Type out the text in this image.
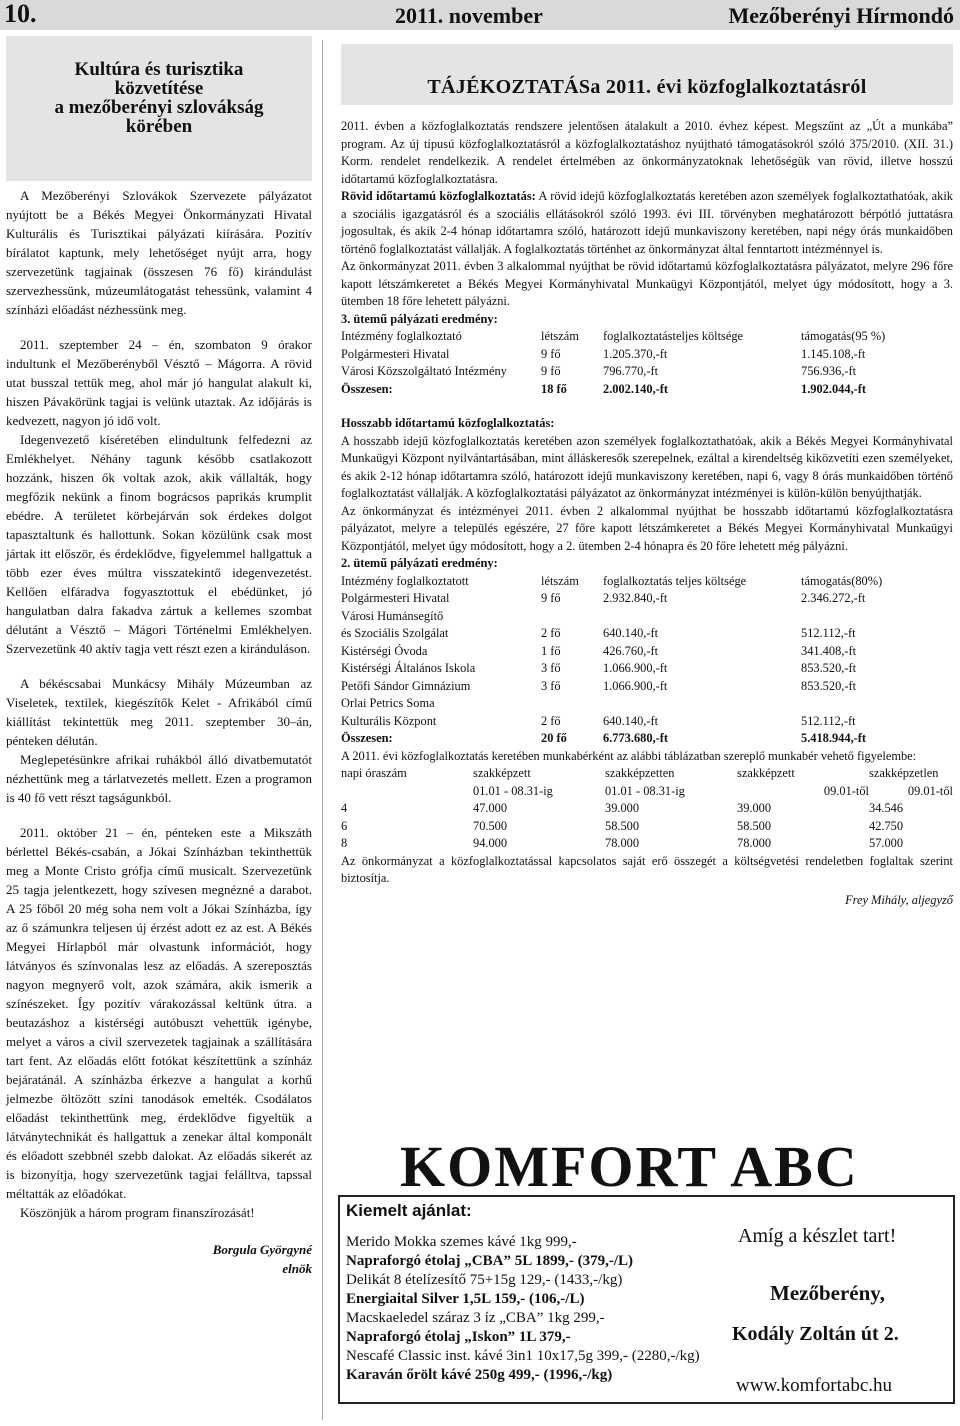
10.	2011. november	Mezőberényi Hírmondó
Kultúra és turisztika
közvetítése
a mezőberényi szlovákság
körében

A Mezőberényi Szlovákok Szervezete pályázatot nyújtott be a Békés Megyei Önkormányzati Hivatal Kulturális és Turisztikai pályázati kiírására. Pozitív bírálatot kaptunk, mely lehetőséget nyújt arra, hogy szervezetünk tagjainak (összesen 76 fő) kirándulást szervezhessünk, múzeumlátogatást tehessünk, valamint 4 színházi előadást nézhessünk meg.

2011. szeptember 24 – én, szombaton 9 órakor indultunk el Mezőberényből Vésztő – Mágorra. A rövid utat busszal tettük meg, ahol már jó hangulat alakult ki, hiszen Pávakörünk tagjai is velünk utaztak. Az időjárás is kedvezett, nagyon jó idő volt.

Idegenvezető kíséretében elindultunk felfedezni az Emlékhelyet. Néhány tagunk később csatlakozott hozzánk, hiszen ők voltak azok, akik vállalták, hogy megfőzik nekünk a finom bográcsos paprikás krumplit ebédre. A területet körbejárván sok érdekes dolgot tapasztaltunk és hallottunk. Sokan közülünk csak most jártak itt először, és érdeklődve, figyelemmel hallgattuk a több ezer éves múltra visszatekintő idegenvezetést. Kellően elfáradva fogyasztottuk el ebédünket, jó hangulatban dalra fakadva zártuk a kellemes szombat délutánt a Vésztő – Mágori Történelmi Emlékhelyen. Szervezetünk 40 aktív tagja vett részt ezen a kiránduláson.

A békéscsabai Munkácsy Mihály Múzeumban az Viseletek, textilek, kiegészítők Kelet - Afrikából című kiállítást tekintettük meg 2011. szeptember 30–án, pénteken délután.

Meglepetésünkre afrikai ruhákból álló divatbemutatót nézhettünk meg a tárlatvezetés mellett. Ezen a programon is 40 fő vett részt tagságunkból.

2011. október 21 – én, pénteken este a Mikszáth bérlettel Békés-csabán, a Jókai Színházban tekinthettük meg a Monte Cristo grófja című musicalt. Szervezetünk 25 tagja jelentkezett, hogy szívesen megnézné a darabot. A 25 főből 20 még soha nem volt a Jókai Színházba, így az ő számunkra teljesen új érzést adott ez az est. A Békés Megyei Hírlapból már olvastunk információt, hogy látványos és színvonalas lesz az előadás. A szereposztás nagyon megnyerő volt, azok számára, akik ismerik a színészeket. Így pozitív várakozással keltünk útra. a beutazáshoz a kistérségi autóbuszt vehettük igénybe, melyet a város a civil szervezetek tagjainak a szállítására tart fent. Az előadás előtt fotókat készítettünk a színház bejáratánál. A színházba érkezve a hangulat a korhű jelmezbe öltözött színi tanodások emelték. Csodálatos előadást tekinthettünk meg, érdeklődve figyeltük a látványtechnikát és hallgattuk a zenekar által komponált és előadott szebbnél szebb dalokat. Az előadás sikerét az is bizonyítja, hogy szervezetünk tagjai felálltva, tapssal méltatták az előadókat.

Köszönjük a három program finanszírozását!

Borgula Györgyné
elnök
TÁJÉKOZTATÁSa 2011. évi közfoglalkoztatásról

2011. évben a közfoglalkoztatás rendszere jelentősen átalakult a 2010. évhez képest. Megszűnt az „Út a munkába” program. Az új típusú közfoglalkoztatásról a közfoglalkoztatáshoz nyújtható támogatásokról szóló 375/2010. (XII. 31.) Korm. rendelet rendelkezik. A rendelet értelmében az önkormányzatoknak lehetőségük van rövid, illetve hosszú időtartamú közfoglalkoztatásra.

Rövid időtartamú közfoglalkoztatás: A rövid idejű közfoglalkoztatás keretében azon személyek foglalkoztathatóak, akik a szociális igazgatásról és a szociális ellátásokról szóló 1993. évi III. törvényben meghatározott bérpótló juttatásra jogosultak, és akik 2-4 hónap időtartamra szóló, határozott idejű munkaviszony keretében, napi négy órás munkaidőben történő foglalkoztatást vállalják. A foglalkoztatás történhet az önkormányzat által fenntartott intézménnyel is.

Az önkormányzat 2011. évben 3 alkalommal nyújthat be rövid időtartamú közfoglalkoztatásra pályázatot, melyre 296 főre kapott létszámkeretet a Békés Megyei Kormányhivatal Munkaügyi Központjától, melyet úgy módosított, hogy a 3. ütemben 18 főre lehetett pályázni.

3. ütemű pályázati eredmény:

Intézmény foglalkoztató	létszám	foglalkoztatásteljes költsége	támogatás(95 %)
Polgármesteri Hivatal	9 fő	1.205.370,-ft	1.145.108,-ft
Városi Közszolgáltató Intézmény	9 fő	796.770,-ft	756.936,-ft
Összesen:	18 fő	2.002.140,-ft	1.902.044,-ft

Hosszabb időtartamú közfoglalkoztatás:

A hosszabb idejű közfoglalkoztatás keretében azon személyek foglalkoztathatóak, akik a Békés Megyei Kormányhivatal Munkaügyi Központ nyilvántartásában, mint álláskeresők szerepelnek, ezáltal a kirendeltség kiközvetíti ezen személyeket, és akik 2-12 hónap időtartamra szóló, határozott idejű munkaviszony keretében, napi 6, vagy 8 órás munkaidőben történő foglalkoztatást vállalják. A közfoglalkoztatási pályázatot az önkormányzat intézményei is külön-külön benyújthatják.

Az önkormányzat és intézményei 2011. évben 2 alkalommal nyújthat be hosszabb időtartamú közfoglalkoztatásra pályázatot, melyre a település egészére, 27 főre kapott létszámkeretet a Békés Megyei Kormányhivatal Munkaügyi Központjától, melyet úgy módosított, hogy a 2. ütemben 2-4 hónapra és 20 főre lehetett még pályázni.

2. ütemű pályázati eredmény:

Intézmény foglalkoztatott	létszám	foglalkoztatás teljes költsége	támogatás(80%)
Polgármesteri Hivatal	9 fő	2.932.840,-ft	2.346.272,-ft
Városi Humánsegítő			
és Szociális Szolgálat	2 fő	640.140,-ft	512.112,-ft
Kistérségi Óvoda	1 fő	426.760,-ft	341.408,-ft
Kistérségi Általános Iskola	3 fő	1.066.900,-ft	853.520,-ft
Petőfi Sándor Gimnázium	3 fő	1.066.900,-ft	853.520,-ft
Orlai Petrics Soma			
Kulturális Központ	2 fő	640.140,-ft	512.112,-ft
Összesen:	20 fő	6.773.680,-ft	5.418.944,-ft

A 2011. évi közfoglalkoztatás keretében munkabérként az alábbi táblázatban szereplő munkabér vehető figyelembe:

napi óraszám	szakképzett	szakképzetten	szakképzett	szakképzetlen
	01.01 - 08.31-ig	01.01 - 08.31-ig	09.01-től	09.01-től
4	47.000	39.000	39.000	34.546
6	70.500	58.500	58.500	42.750
8	94.000	78.000	78.000	57.000

Az önkormányzat a közfoglalkoztatással kapcsolatos saját erő összegét a költségvetési rendeletben foglaltak szerint biztosítja.

Frey Mihály, aljegyző
KOMFORT ABC
Kiemelt ajánlat:
Merido Mokka szemes kávé 1kg 999,-
Napraforgó étolaj „CBA” 5L 1899,- (379,-/L)
Delikát 8 ételízesítő 75+15g 129,- (1433,-/kg)
Energiaital Silver 1,5L 159,- (106,-/L)
Macskaeledel száraz 3 íz „CBA” 1kg 299,-
Napraforgó étolaj „Iskon” 1L 379,-
Nescafé Classic inst. kávé 3in1 10x17,5g 399,- (2280,-/kg)
Karaván őrölt kávé 250g 499,- (1996,-/kg)
Amíg a készlet tart!
Mezőberény,
Kodály Zoltán út 2.
www.komfortabc.hu
